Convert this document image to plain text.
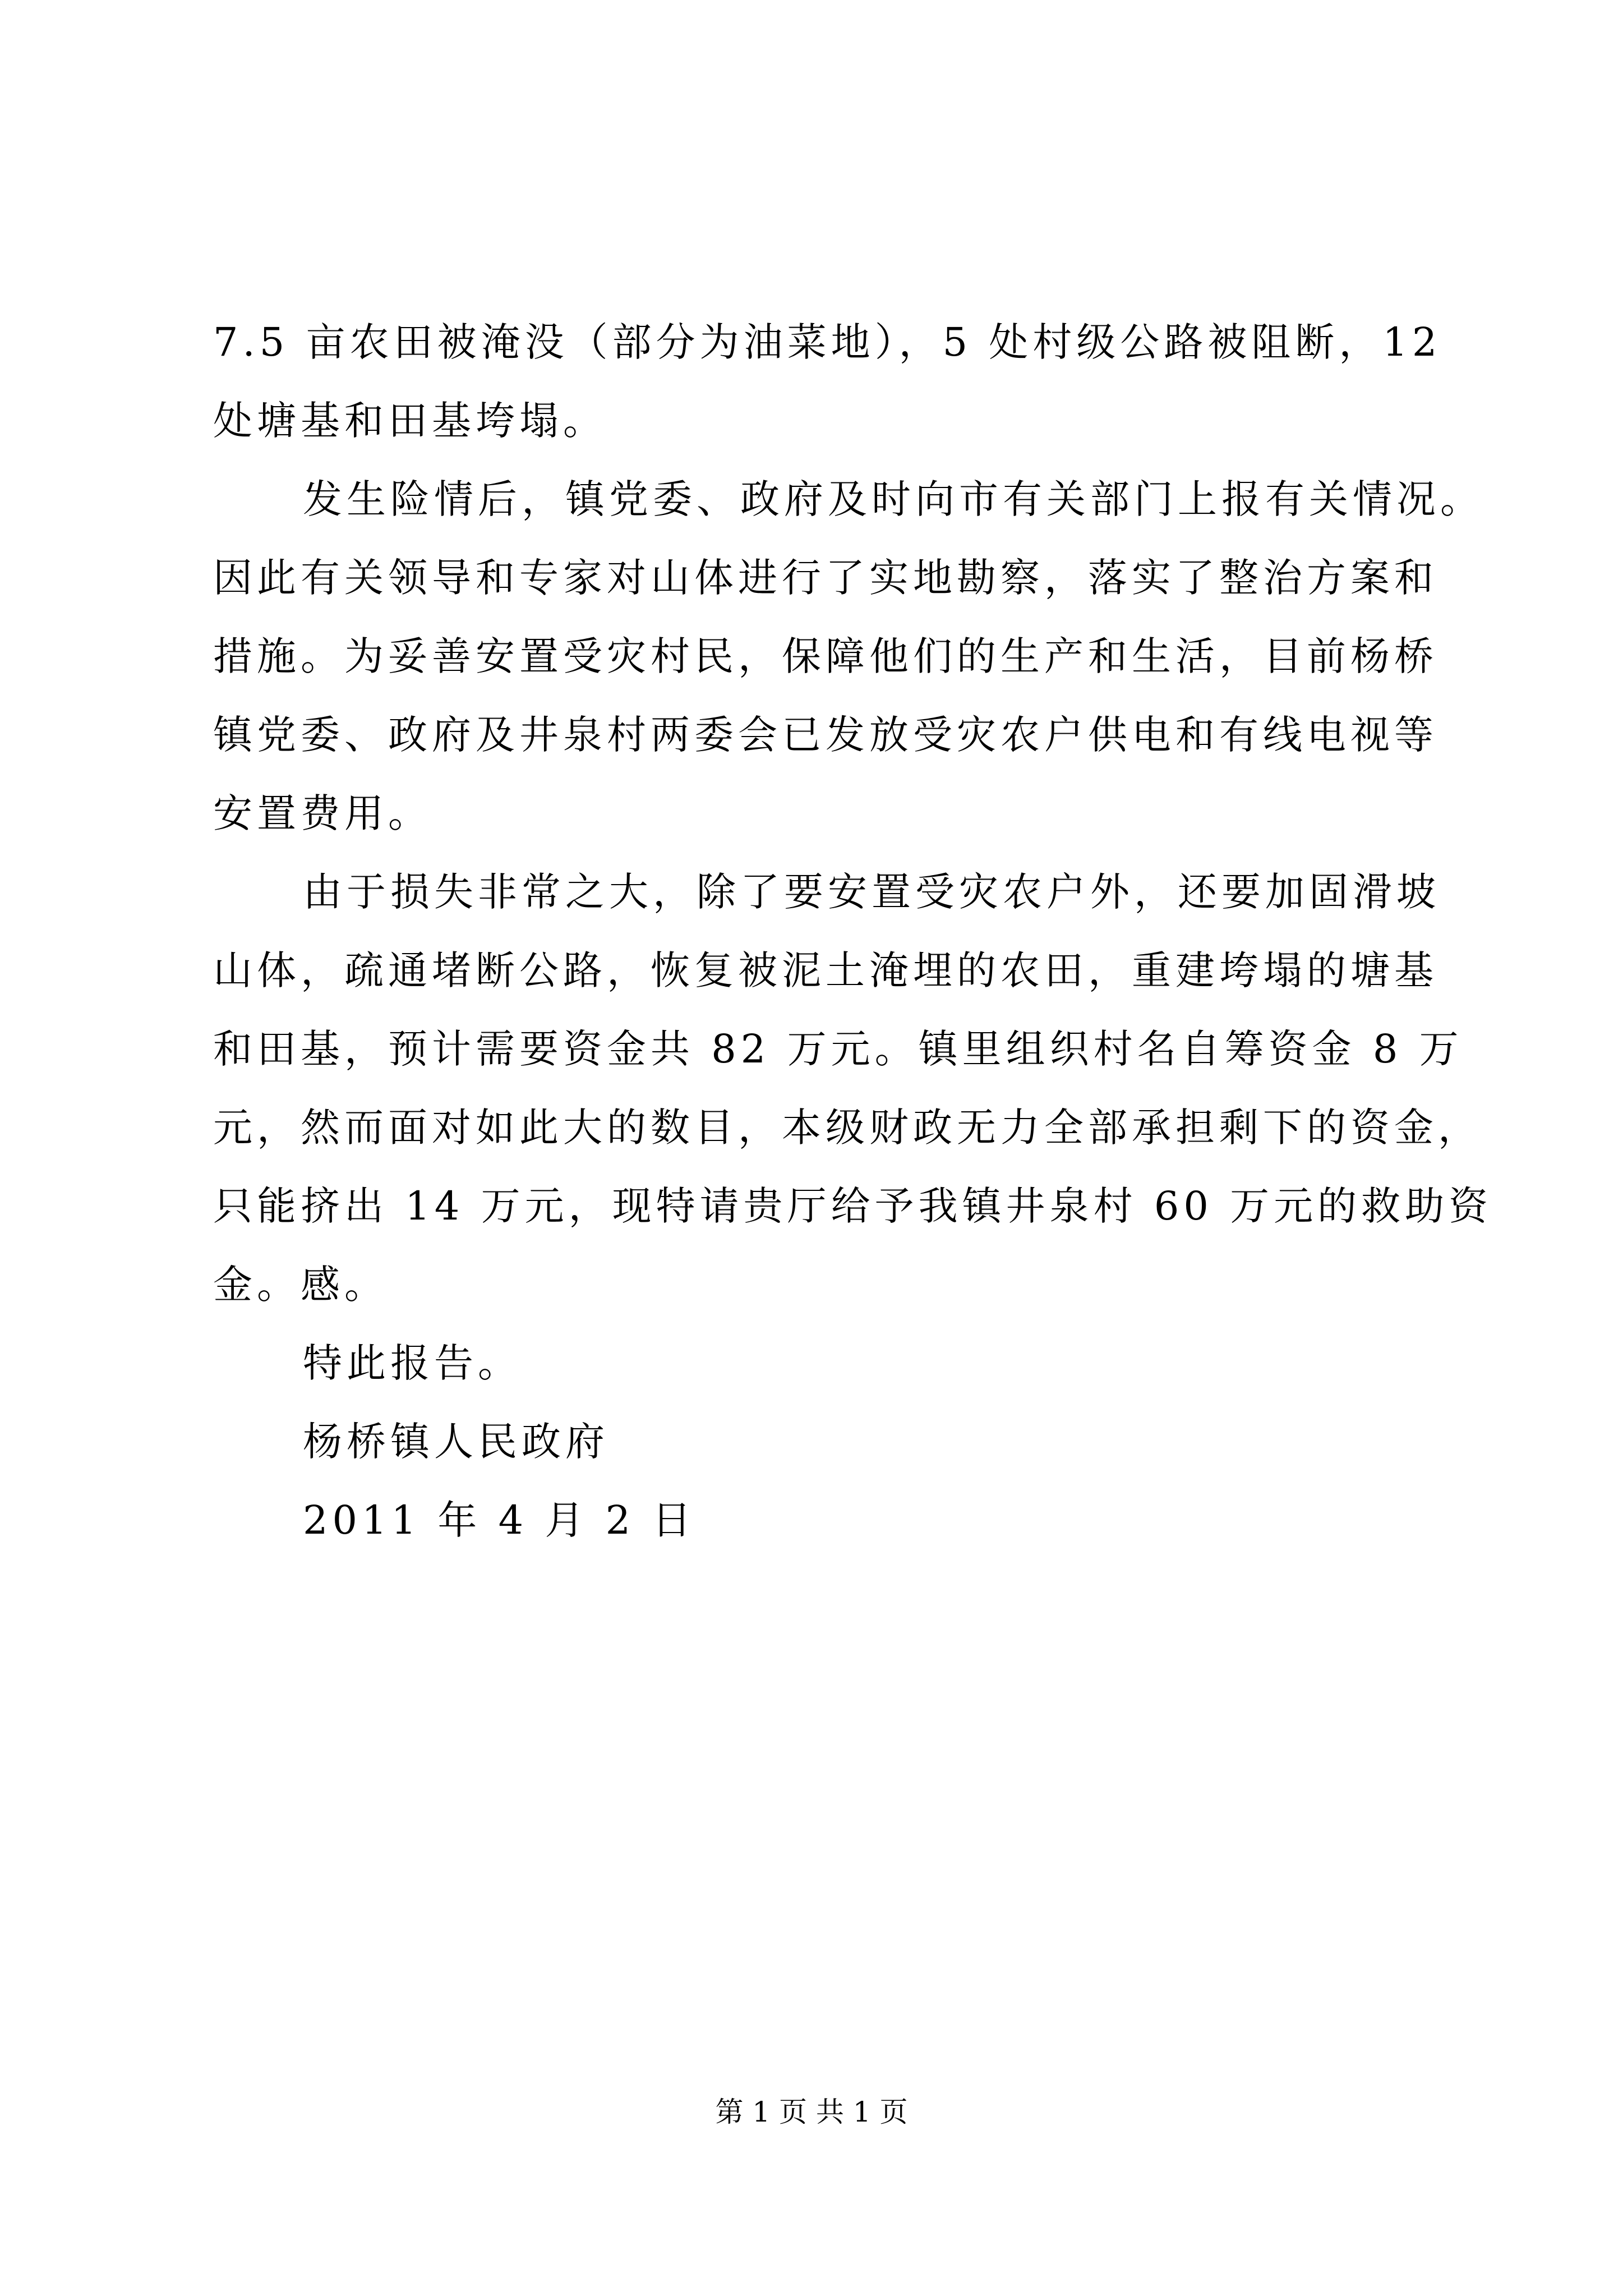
7.5 亩农田被淹没（部分为油菜地），5 处村级公路被阻断，12
处塘基和田基垮塌。
发生险情后，镇党委、政府及时向市有关部门上报有关情况。
因此有关领导和专家对山体进行了实地勘察，落实了整治方案和
措施。为妥善安置受灾村民，保障他们的生产和生活，目前杨桥
镇党委、政府及井泉村两委会已发放受灾农户供电和有线电视等
安置费用。
由于损失非常之大，除了要安置受灾农户外，还要加固滑坡
山体，疏通堵断公路，恢复被泥土淹埋的农田，重建垮塌的塘基
和田基，预计需要资金共 82 万元。镇里组织村名自筹资金 8 万
元，然而面对如此大的数目，本级财政无力全部承担剩下的资金，
只能挤出 14 万元，现特请贵厅给予我镇井泉村 60 万元的救助资
金。感。
特此报告。
杨桥镇人民政府
2011 年 4 月 2 日
第 1 页 共 1 页
